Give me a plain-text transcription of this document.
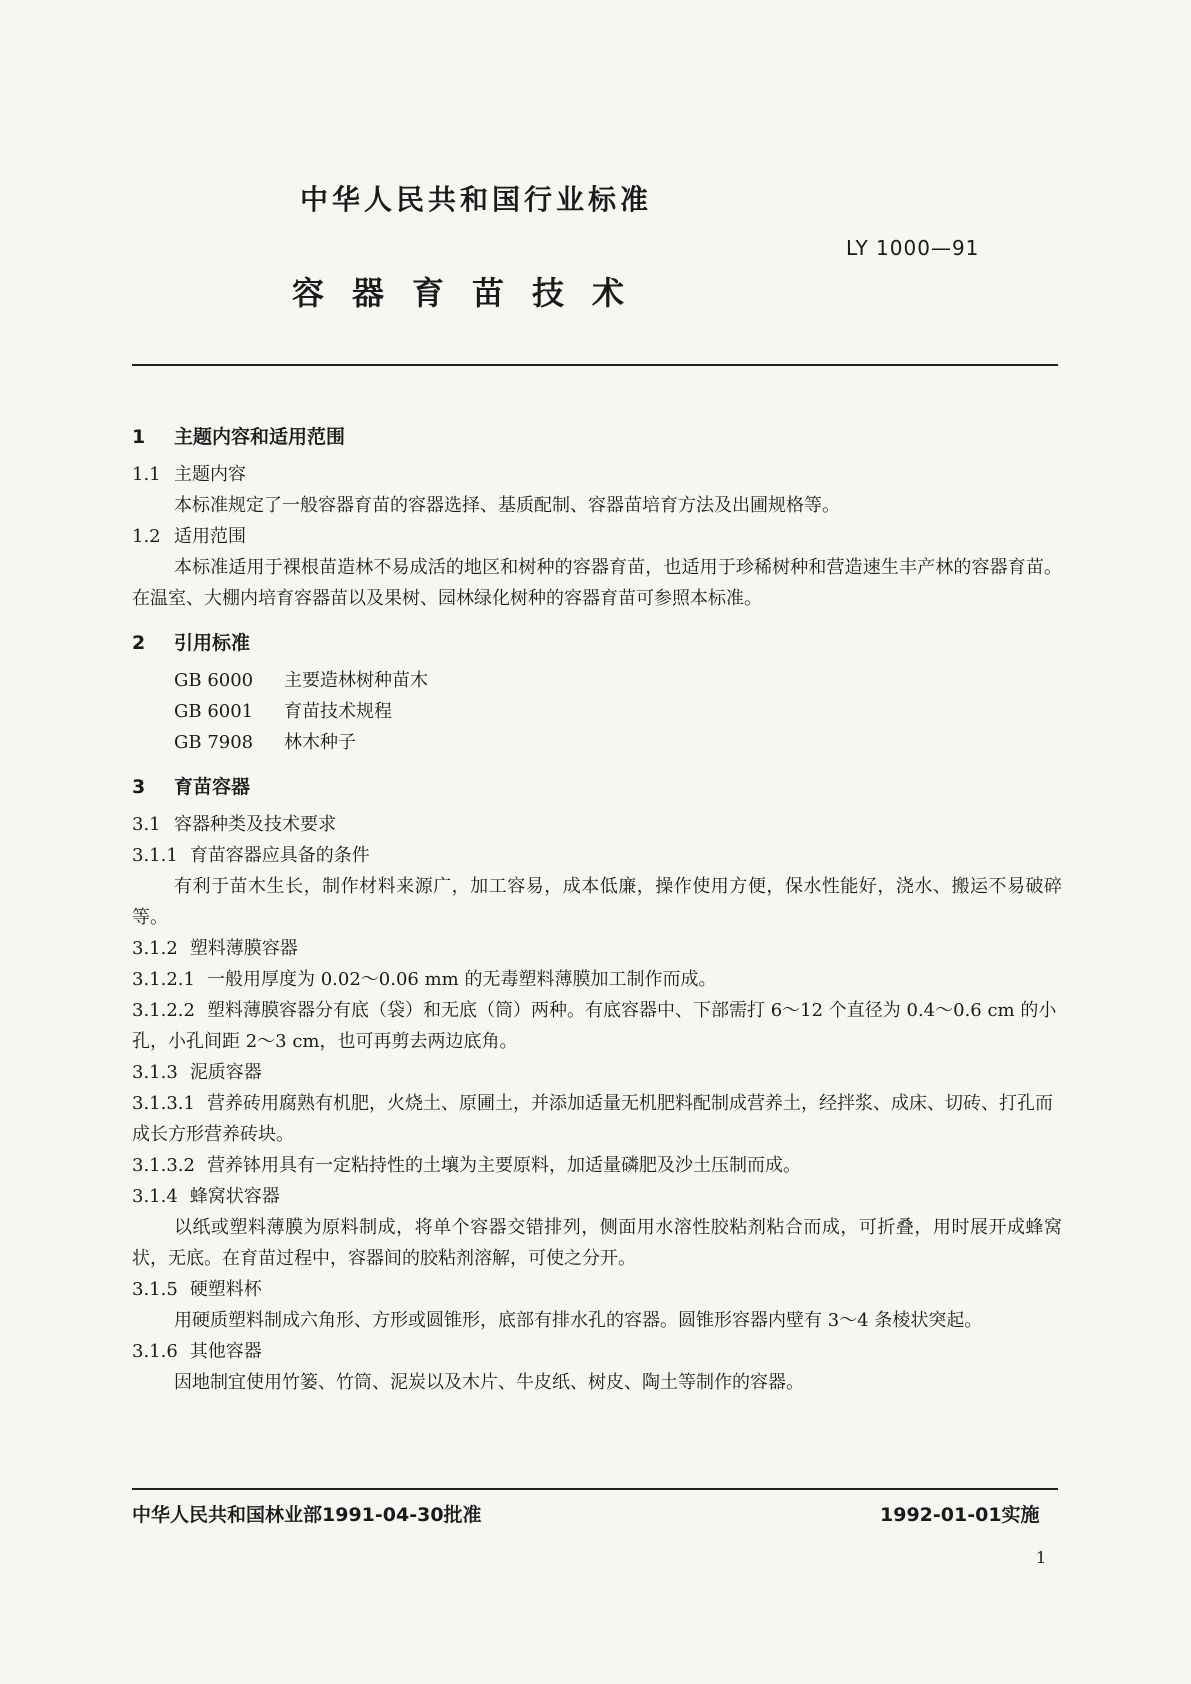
中华人民共和国行业标准
LY 1000—91
容器育苗技术
1 主题内容和适用范围
1.1 主题内容
本标准规定了一般容器育苗的容器选择、基质配制、容器苗培育方法及出圃规格等。
1.2 适用范围
本标准适用于裸根苗造林不易成活的地区和树种的容器育苗，也适用于珍稀树种和营造速生丰产林的容器育苗。在温室、大棚内培育容器苗以及果树、园林绿化树种的容器育苗可参照本标准。
2 引用标准
GB 6000 主要造林树种苗木
GB 6001 育苗技术规程
GB 7908 林木种子
3 育苗容器
3.1 容器种类及技术要求
3.1.1 育苗容器应具备的条件
有利于苗木生长，制作材料来源广，加工容易，成本低廉，操作使用方便，保水性能好，浇水、搬运不易破碎等。
3.1.2 塑料薄膜容器
3.1.2.1 一般用厚度为 0.02～0.06 mm 的无毒塑料薄膜加工制作而成。
3.1.2.2 塑料薄膜容器分有底（袋）和无底（筒）两种。有底容器中、下部需打 6～12 个直径为 0.4～0.6 cm 的小孔，小孔间距 2～3 cm，也可再剪去两边底角。
3.1.3 泥质容器
3.1.3.1 营养砖用腐熟有机肥，火烧土、原圃土，并添加适量无机肥料配制成营养土，经拌浆、成床、切砖、打孔而成长方形营养砖块。
3.1.3.2 营养钵用具有一定粘持性的土壤为主要原料，加适量磷肥及沙土压制而成。
3.1.4 蜂窝状容器
以纸或塑料薄膜为原料制成，将单个容器交错排列，侧面用水溶性胶粘剂粘合而成，可折叠，用时展开成蜂窝状，无底。在育苗过程中，容器间的胶粘剂溶解，可使之分开。
3.1.5 硬塑料杯
用硬质塑料制成六角形、方形或圆锥形，底部有排水孔的容器。圆锥形容器内壁有 3～4 条棱状突起。
3.1.6 其他容器
因地制宜使用竹篓、竹筒、泥炭以及木片、牛皮纸、树皮、陶土等制作的容器。
中华人民共和国林业部1991-04-30批准	1992-01-01实施
1
